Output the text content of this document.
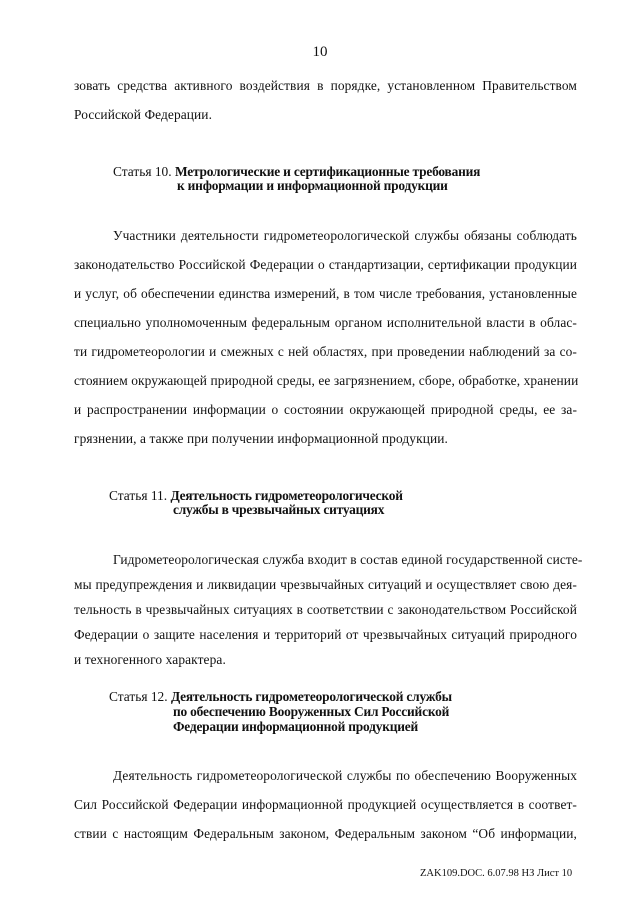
10
зовать средства активного воздействия в порядке, установленном Правительством
Российской Федерации.
Статья 10. Метрологические и сертификационные требования
к информации и информационной продукции
Участники деятельности гидрометеорологической службы обязаны соблюдать
законодательство Российской Федерации о стандартизации, сертификации продукции
и услуг, об обеспечении единства измерений, в том числе требования, установленные
специально уполномоченным федеральным органом исполнительной власти в облас-
ти гидрометеорологии и смежных с ней областях, при проведении наблюдений за со-
стоянием окружающей природной среды, ее загрязнением, сборе, обработке, хранении
и распространении информации о состоянии окружающей природной среды, ее за-
грязнении, а также при получении информационной продукции.
Статья 11. Деятельность гидрометеорологической
службы в чрезвычайных ситуациях
Гидрометеорологическая служба входит в состав единой государственной систе-
мы предупреждения и ликвидации чрезвычайных ситуаций и осуществляет свою дея-
тельность в чрезвычайных ситуациях в соответствии с законодательством Российской
Федерации о защите населения и территорий от чрезвычайных ситуаций природного
и техногенного характера.
Статья 12. Деятельность гидрометеорологической службы
по обеспечению Вооруженных Сил Российской
Федерации информационной продукцией
Деятельность гидрометеорологической службы по обеспечению Вооруженных
Сил Российской Федерации информационной продукцией осуществляется в соответ-
ствии с настоящим Федеральным законом, Федеральным законом “Об информации,
ZAK109.DOC. 6.07.98 НЗ Лист 10
